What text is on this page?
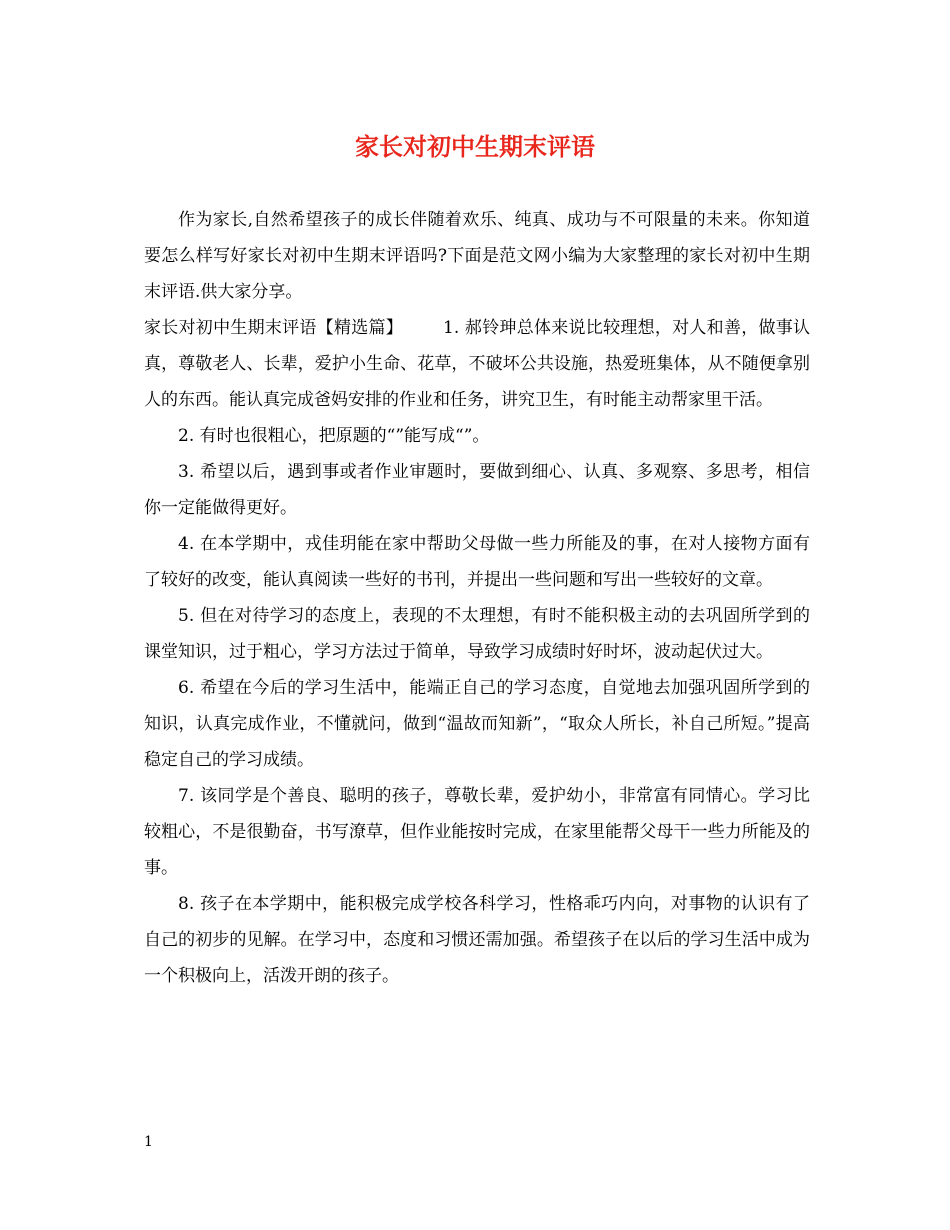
家长对初中生期末评语

作为家长,自然希望孩子的成长伴随着欢乐、纯真、成功与不可限量的未来。你知道要怎么样写好家长对初中生期末评语吗?下面是范文网小编为大家整理的家长对初中生期末评语.供大家分享。

家长对初中生期末评语【精选篇】 1. 郝铃珅总体来说比较理想，对人和善，做事认真，尊敬老人、长辈，爱护小生命、花草，不破坏公共设施，热爱班集体，从不随便拿别人的东西。能认真完成爸妈安排的作业和任务，讲究卫生，有时能主动帮家里干活。

2. 有时也很粗心，把原题的“”能写成“”。

3. 希望以后，遇到事或者作业审题时，要做到细心、认真、多观察、多思考，相信你一定能做得更好。

4. 在本学期中，戎佳玥能在家中帮助父母做一些力所能及的事，在对人接物方面有了较好的改变，能认真阅读一些好的书刊，并提出一些问题和写出一些较好的文章。

5. 但在对待学习的态度上，表现的不太理想，有时不能积极主动的去巩固所学到的课堂知识，过于粗心，学习方法过于简单，导致学习成绩时好时坏，波动起伏过大。

6. 希望在今后的学习生活中，能端正自己的学习态度，自觉地去加强巩固所学到的知识，认真完成作业，不懂就问，做到“温故而知新”，“取众人所长，补自己所短。”提高稳定自己的学习成绩。

7. 该同学是个善良、聪明的孩子，尊敬长辈，爱护幼小，非常富有同情心。学习比较粗心，不是很勤奋，书写潦草，但作业能按时完成，在家里能帮父母干一些力所能及的事。

8. 孩子在本学期中，能积极完成学校各科学习，性格乖巧内向，对事物的认识有了自己的初步的见解。在学习中，态度和习惯还需加强。希望孩子在以后的学习生活中成为一个积极向上，活泼开朗的孩子。

1
